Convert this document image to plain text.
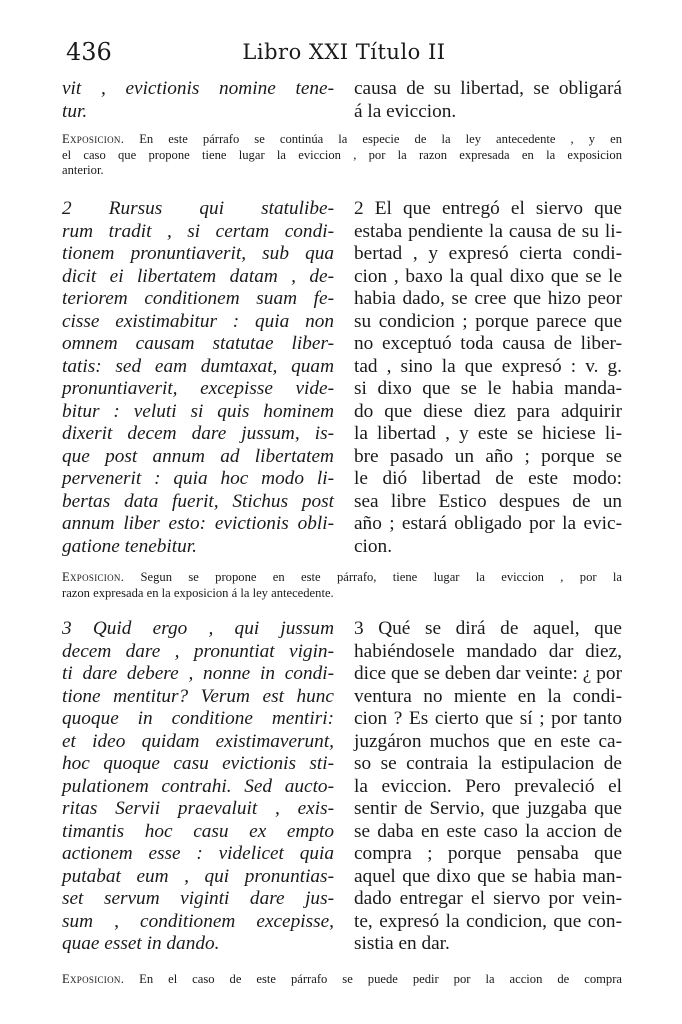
436	Libro XXI Título II
vit , evictionis nomine tene-
tur.
causa de su libertad, se obligará
á la eviccion.
Exposicion. En este párrafo se continúa la especie de la ley antecedente , y en
el caso que propone tiene lugar la eviccion , por la razon expresada en la exposicion
anterior.
2 Rursus qui statulibe-
rum tradit , si certam condi-
tionem pronuntiaverit, sub qua
dicit ei libertatem datam , de-
teriorem conditionem suam fe-
cisse existimabitur : quia non
omnem causam statutae liber-
tatis: sed eam dumtaxat, quam
pronuntiaverit, excepisse vide-
bitur : veluti si quis hominem
dixerit decem dare jussum, is-
que post annum ad libertatem
pervenerit : quia hoc modo li-
bertas data fuerit, Stichus post
annum liber esto: evictionis obli-
gatione tenebitur.
2 El que entregó el siervo que
estaba pendiente la causa de su li-
bertad , y expresó cierta condi-
cion , baxo la qual dixo que se le
habia dado, se cree que hizo peor
su condicion ; porque parece que
no exceptuó toda causa de liber-
tad , sino la que expresó : v. g.
si dixo que se le habia manda-
do que diese diez para adquirir
la libertad , y este se hiciese li-
bre pasado un año ; porque se
le dió libertad de este modo:
sea libre Estico despues de un
año ; estará obligado por la evic-
cion.
Exposicion. Segun se propone en este párrafo, tiene lugar la eviccion , por la
razon expresada en la exposicion á la ley antecedente.
3 Quid ergo , qui jussum
decem dare , pronuntiat vigin-
ti dare debere , nonne in condi-
tione mentitur? Verum est hunc
quoque in conditione mentiri:
et ideo quidam existimaverunt,
hoc quoque casu evictionis sti-
pulationem contrahi. Sed aucto-
ritas Servii praevaluit , exis-
timantis hoc casu ex empto
actionem esse : videlicet quia
putabat eum , qui pronuntias-
set servum viginti dare jus-
sum , conditionem excepisse,
quae esset in dando.
3 Qué se dirá de aquel, que
habiéndosele mandado dar diez,
dice que se deben dar veinte: ¿ por
ventura no miente en la condi-
cion ? Es cierto que sí ; por tanto
juzgáron muchos que en este ca-
so se contraia la estipulacion de
la eviccion. Pero prevaleció el
sentir de Servio, que juzgaba que
se daba en este caso la accion de
compra ; porque pensaba que
aquel que dixo que se habia man-
dado entregar el siervo por vein-
te, expresó la condicion, que con-
sistia en dar.
Exposicion. En el caso de este párrafo se puede pedir por la accion de compra
